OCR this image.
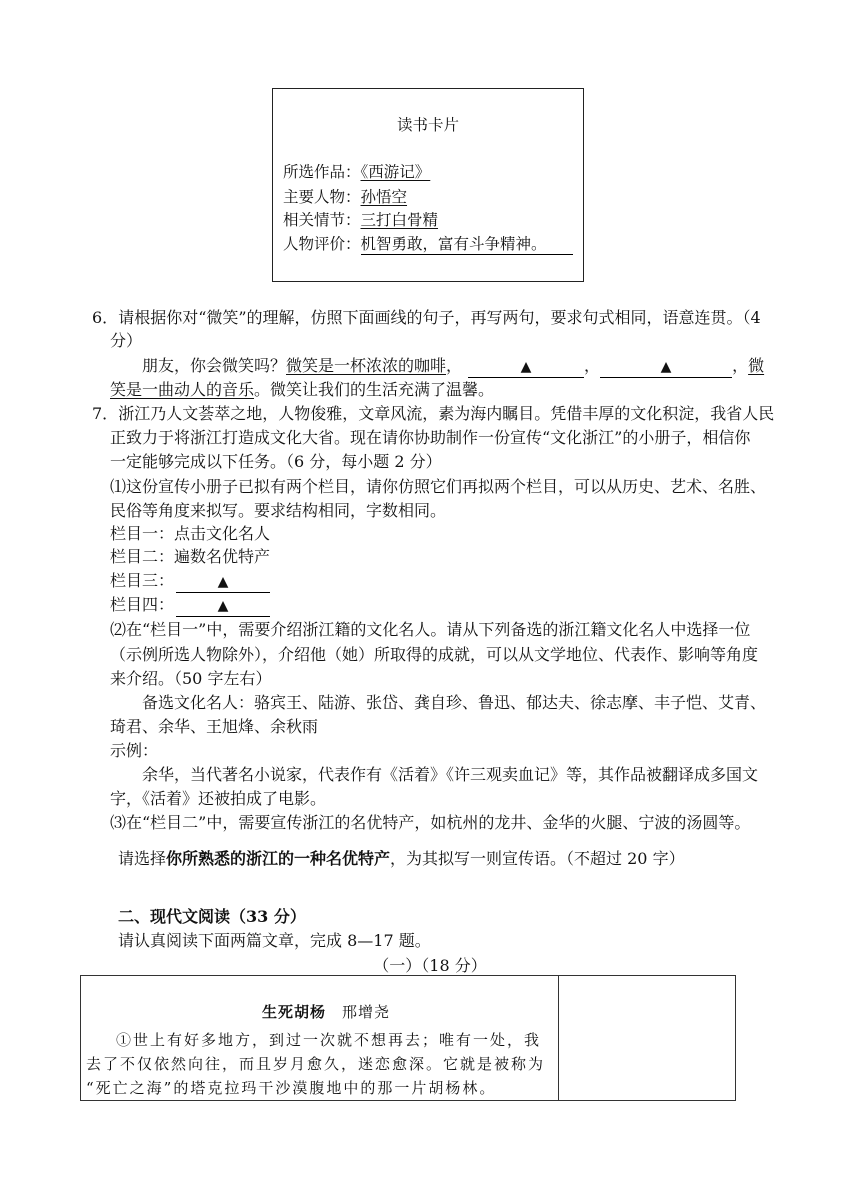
读书卡片
所选作品：《西游记》
主要人物：孙悟空
相关情节：三打白骨精
人物评价：机智勇敢，富有斗争精神。
6．请根据你对“微笑”的理解，仿照下面画线的句子，再写两句，要求句式相同，语意连贯。（4
分）
朋友，你会微笑吗？微笑是一杯浓浓的咖啡，	▲	，	▲	，微
笑是一曲动人的音乐。微笑让我们的生活充满了温馨。
7．浙江乃人文荟萃之地，人物俊雅，文章风流，素为海内瞩目。凭借丰厚的文化积淀，我省人民
正致力于将浙江打造成文化大省。现在请你协助制作一份宣传“文化浙江”的小册子，相信你
一定能够完成以下任务。（6 分，每小题 2 分）
⑴这份宣传小册子已拟有两个栏目，请你仿照它们再拟两个栏目，可以从历史、艺术、名胜、
民俗等角度来拟写。要求结构相同，字数相同。
栏目一：点击文化名人
栏目二：遍数名优特产
栏目三：	▲
栏目四：	▲
⑵在“栏目一”中，需要介绍浙江籍的文化名人。请从下列备选的浙江籍文化名人中选择一位
（示例所选人物除外），介绍他（她）所取得的成就，可以从文学地位、代表作、影响等角度
来介绍。（50 字左右）
备选文化名人：骆宾王、陆游、张岱、龚自珍、鲁迅、郁达夫、徐志摩、丰子恺、艾青、
琦君、余华、王旭烽、余秋雨
示例：
余华，当代著名小说家，代表作有《活着》《许三观卖血记》等，其作品被翻译成多国文
字，《活着》还被拍成了电影。
⑶在“栏目二”中，需要宣传浙江的名优特产，如杭州的龙井、金华的火腿、宁波的汤圆等。
请选择你所熟悉的浙江的一种名优特产，为其拟写一则宣传语。（不超过 20 字）
二、现代文阅读（33 分）
请认真阅读下面两篇文章，完成 8—17 题。
（一）（18 分）
生死胡杨 邢增尧
①世上有好多地方，到过一次就不想再去；唯有一处，我
去了不仅依然向往，而且岁月愈久，迷恋愈深。它就是被称为
“死亡之海”的塔克拉玛干沙漠腹地中的那一片胡杨林。
